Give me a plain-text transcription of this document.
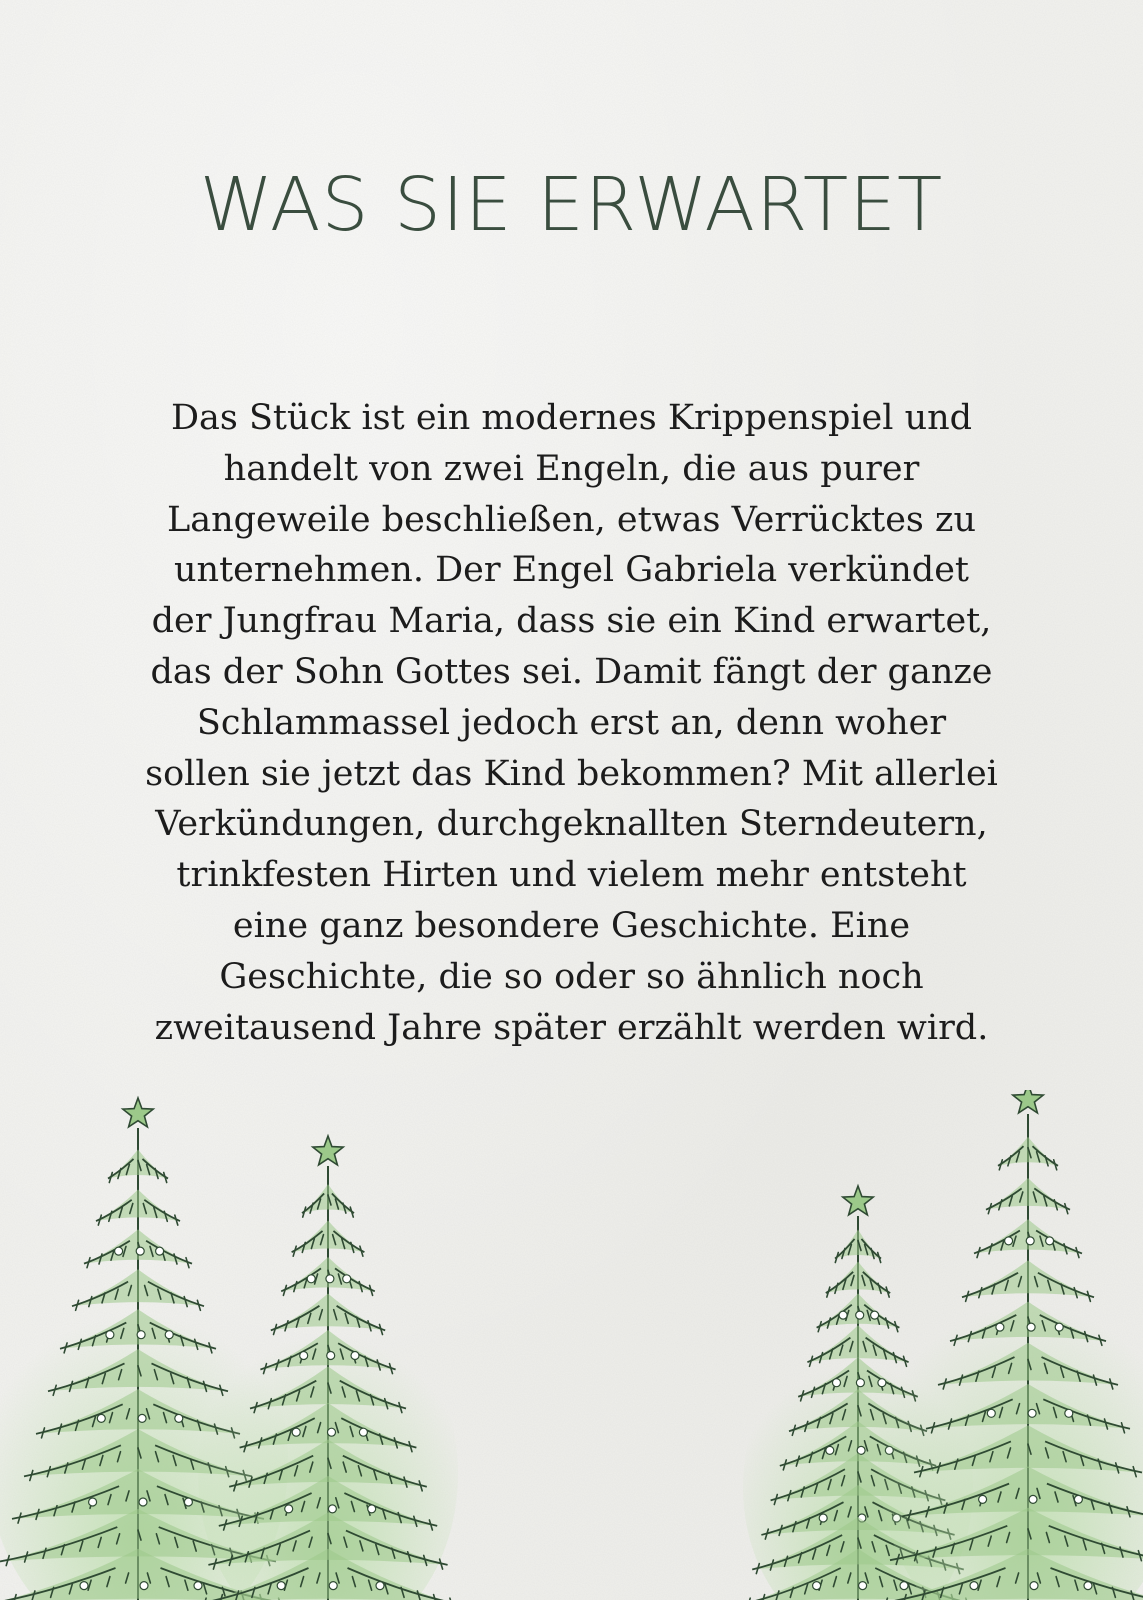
WAS SIE ERWARTET

Das Stück ist ein modernes Krippenspiel und handelt von zwei Engeln, die aus purer Langeweile beschließen, etwas Verrücktes zu unternehmen. Der Engel Gabriela verkündet der Jungfrau Maria, dass sie ein Kind erwartet, das der Sohn Gottes sei. Damit fängt der ganze Schlammassel jedoch erst an, denn woher sollen sie jetzt das Kind bekommen? Mit allerlei Verkündungen, durchgeknallten Sterndeutern, trinkfesten Hirten und vielem mehr entsteht eine ganz besondere Geschichte. Eine Geschichte, die so oder so ähnlich noch zweitausend Jahre später erzählt werden wird.
